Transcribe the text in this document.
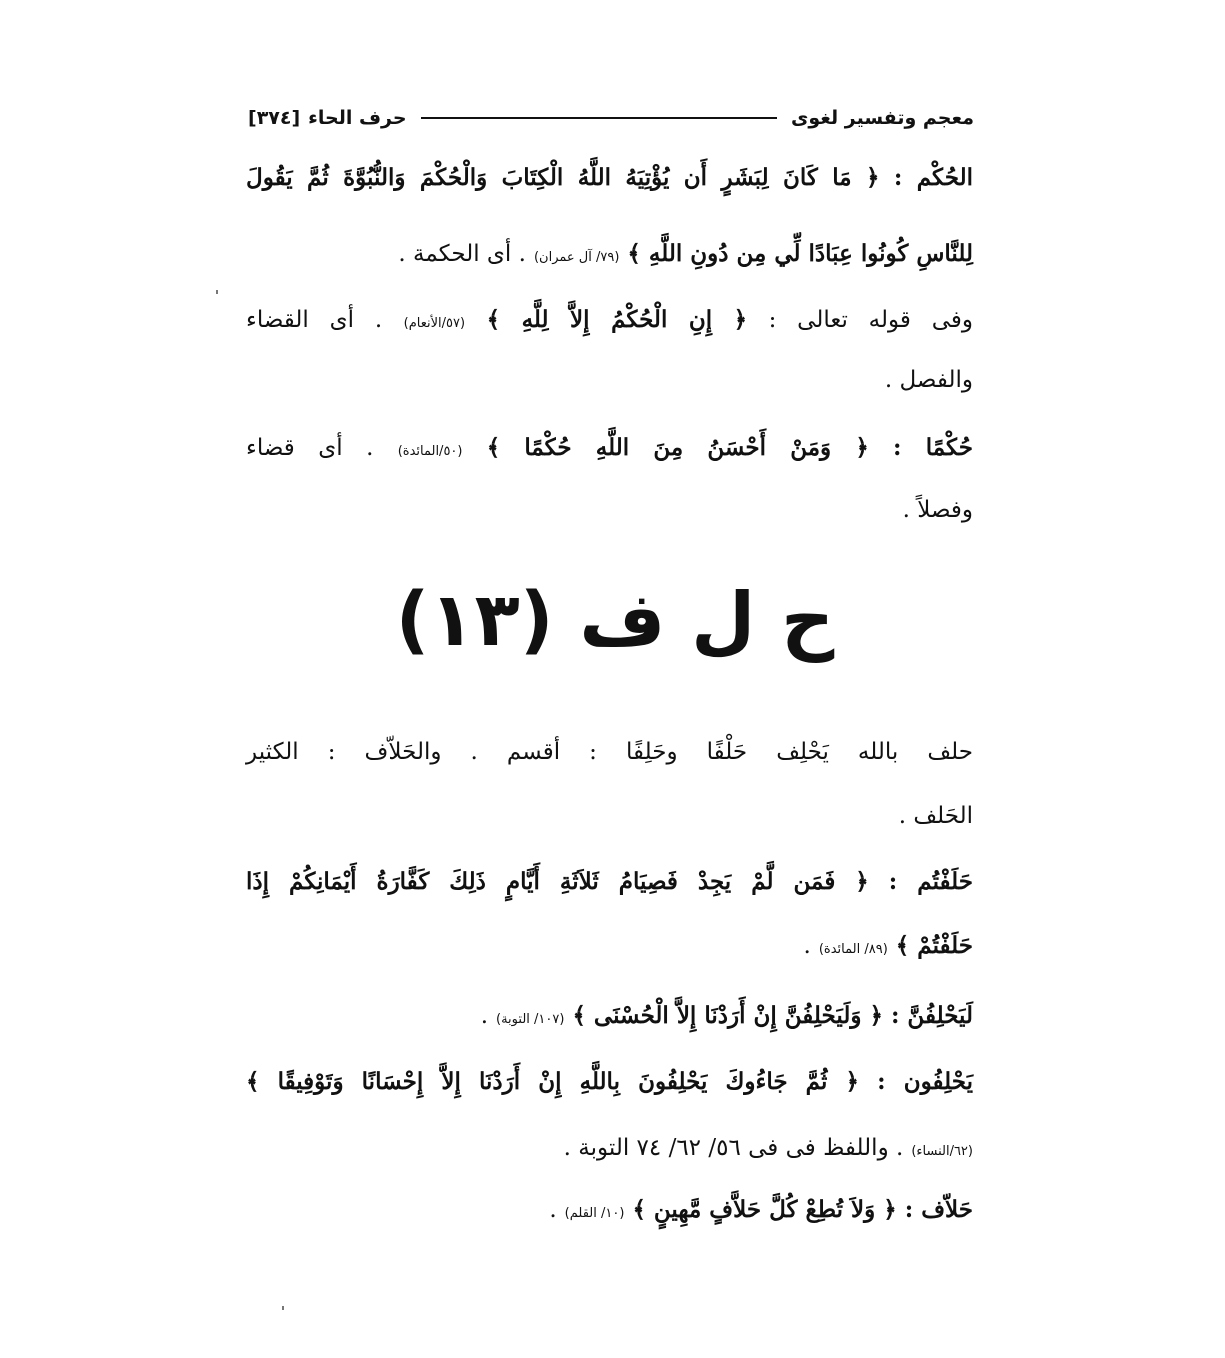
معجم وتفسير لغوى
حرف الحاء
[٣٧٤]
الحُكْم : ﴿ مَا كَانَ لِبَشَرٍ أَن يُؤْتِيَهُ اللَّهُ الْكِتَابَ وَالْحُكْمَ وَالنُّبُوَّةَ ثُمَّ يَقُولَ
لِلنَّاسِ كُونُوا عِبَادًا لِّي مِن دُونِ اللَّهِ ﴾ (٧٩/ آل عمران) . أى الحكمة .
وفى قوله تعالى : ﴿ إِنِ الْحُكْمُ إِلاَّ لِلَّهِ ﴾ (٥٧/الأنعام) . أى القضاء
والفصل .
حُكْمًا : ﴿ وَمَنْ أَحْسَنُ مِنَ اللَّهِ حُكْمًا ﴾ (٥٠/المائدة) . أى قضاء
وفصلاً .
ح ل ف (١٣)
حلف بالله يَحْلِف حَلْفًا وحَلِفًا : أقسم . والحَلاّف : الكثير
الحَلف .
حَلَفْتُم : ﴿ فَمَن لَّمْ يَجِدْ فَصِيَامُ ثَلاَثَةِ أَيَّامٍ ذَلِكَ كَفَّارَةُ أَيْمَانِكُمْ إِذَا
حَلَفْتُمْ ﴾ (٨٩/ المائدة) .
لَيَحْلِفُنَّ : ﴿ وَلَيَحْلِفُنَّ إِنْ أَرَدْنَا إِلاَّ الْحُسْنَى ﴾ (١٠٧/ التوبة) .
يَحْلِفُون : ﴿ ثُمَّ جَاءُوكَ يَحْلِفُونَ بِاللَّهِ إِنْ أَرَدْنَا إِلاَّ إِحْسَانًا وَتَوْفِيقًا ﴾
(٦٢/النساء) . واللفظ فى فى ٥٦/ ٦٢/ ٧٤ التوبة .
حَلاّف : ﴿ وَلاَ تُطِعْ كُلَّ حَلاَّفٍ مَّهِينٍ ﴾ (١٠/ القلم) .
